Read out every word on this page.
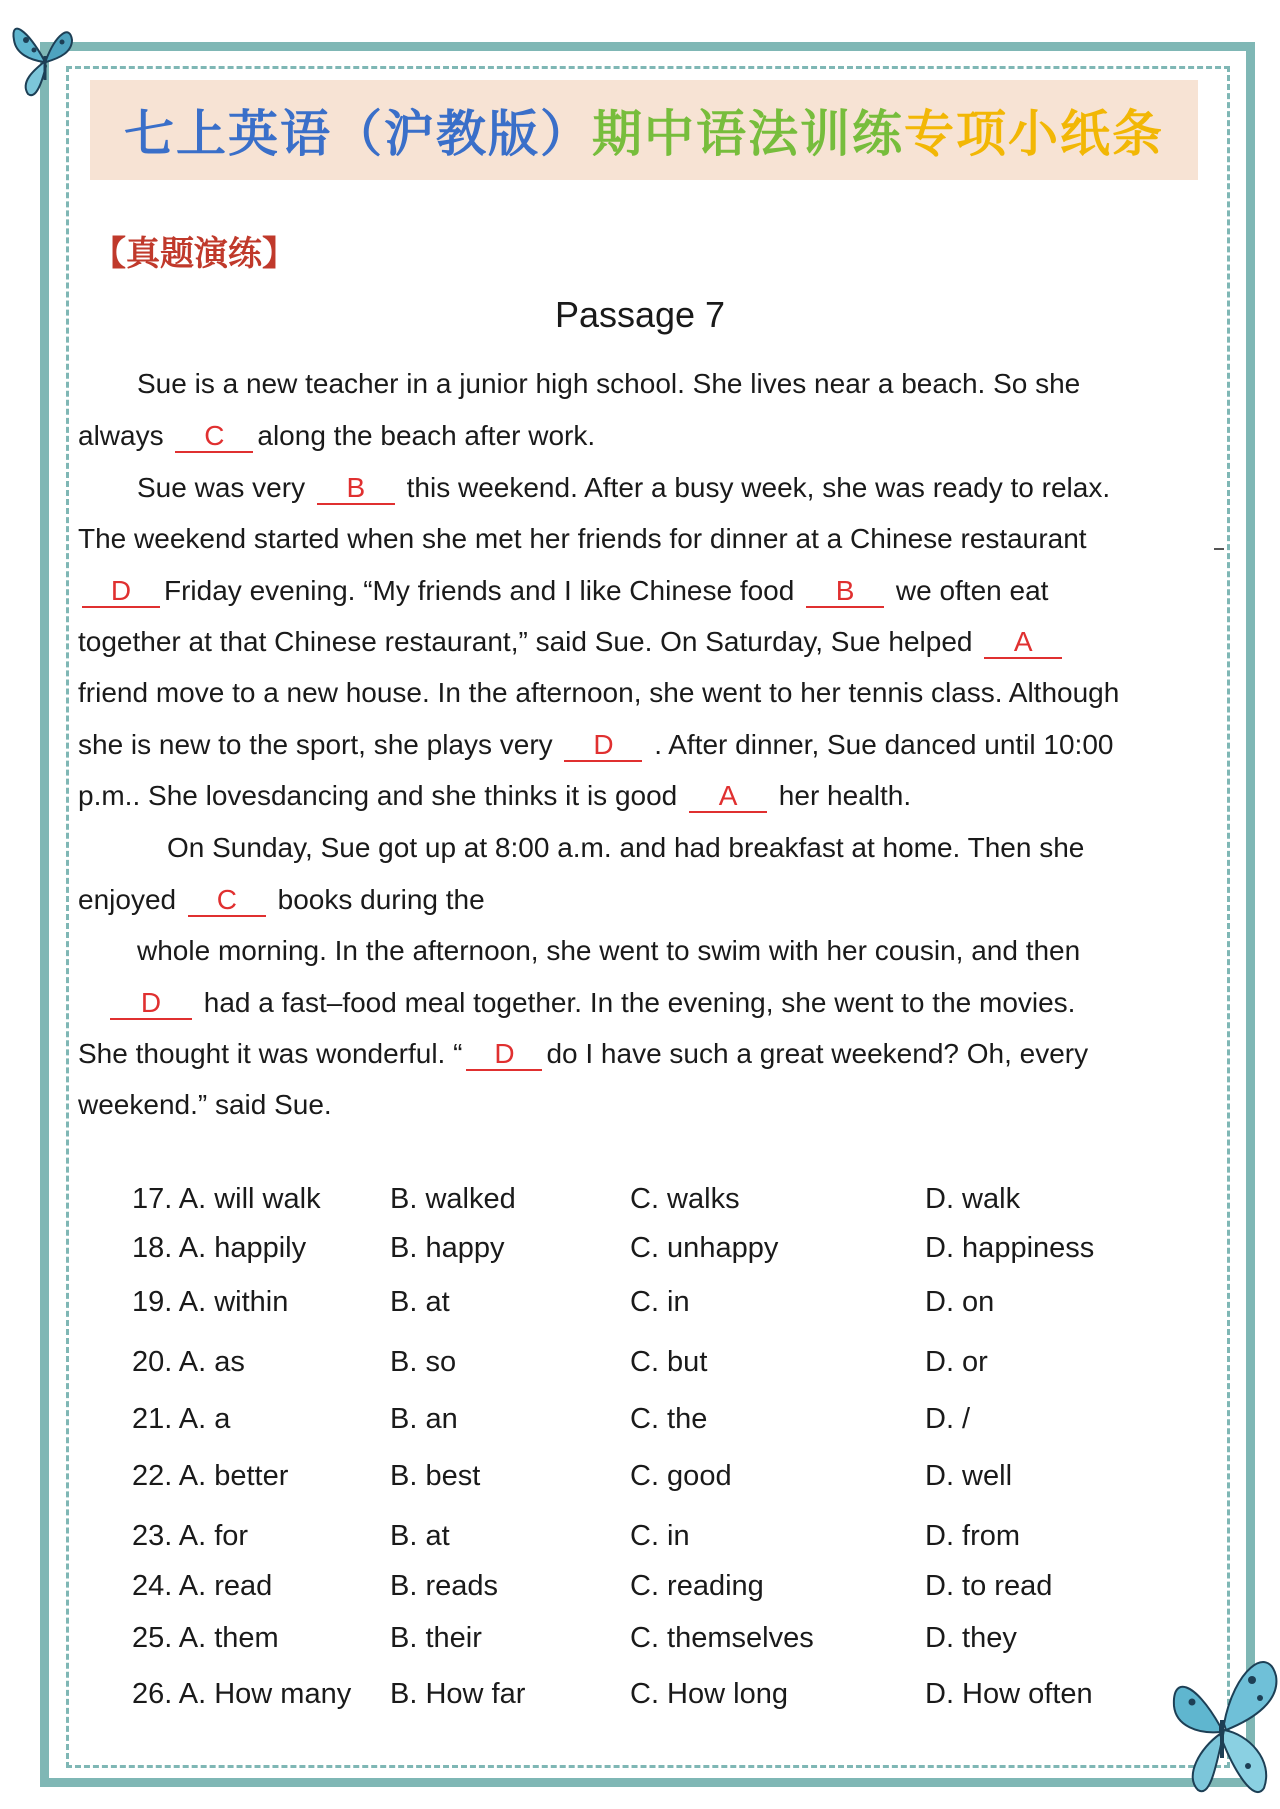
七上英语（沪教版） 期中语法训练 专项小纸条
【真题演练】
Passage 7
Sue is a new teacher in a junior high school. She lives near a beach. So she
always C along the beach after work.
Sue was very B this weekend. After a busy week, she was ready to relax.
The weekend started when she met her friends for dinner at a Chinese restaurant
D Friday evening. “My friends and I like Chinese food B we often eat
together at that Chinese restaurant,” said Sue. On Saturday, Sue helped A
friend move to a new house. In the afternoon, she went to her tennis class. Although
she is new to the sport, she plays very D . After dinner, Sue danced until 10:00
p.m.. She lovesdancing and she thinks it is good A her health.
On Sunday, Sue got up at 8:00 a.m. and had breakfast at home. Then she
enjoyed C books during the
whole morning. In the afternoon, she went to swim with her cousin, and then
D had a fast–food meal together. In the evening, she went to the movies.
She thought it was wonderful. “ D do I have such a great weekend? Oh, every
weekend.” said Sue.
17. A. will walk B. walked	C. walks	D. walk
18. A. happily	B. happy	C. unhappy	D. happiness
19. A. within	B. at	C. in	D. on
20. A. as	B. so	C. but	D. or
21. A. a	B. an	C. the	D. /
22. A. better	B. best	C. good	D. well
23. A. for	B. at	C. in	D. from
24. A. read	B. reads	C. reading	D. to read
25. A. them	B. their	C. themselves	D. they
26. A. How many B. How far	C. How long	D. How often
